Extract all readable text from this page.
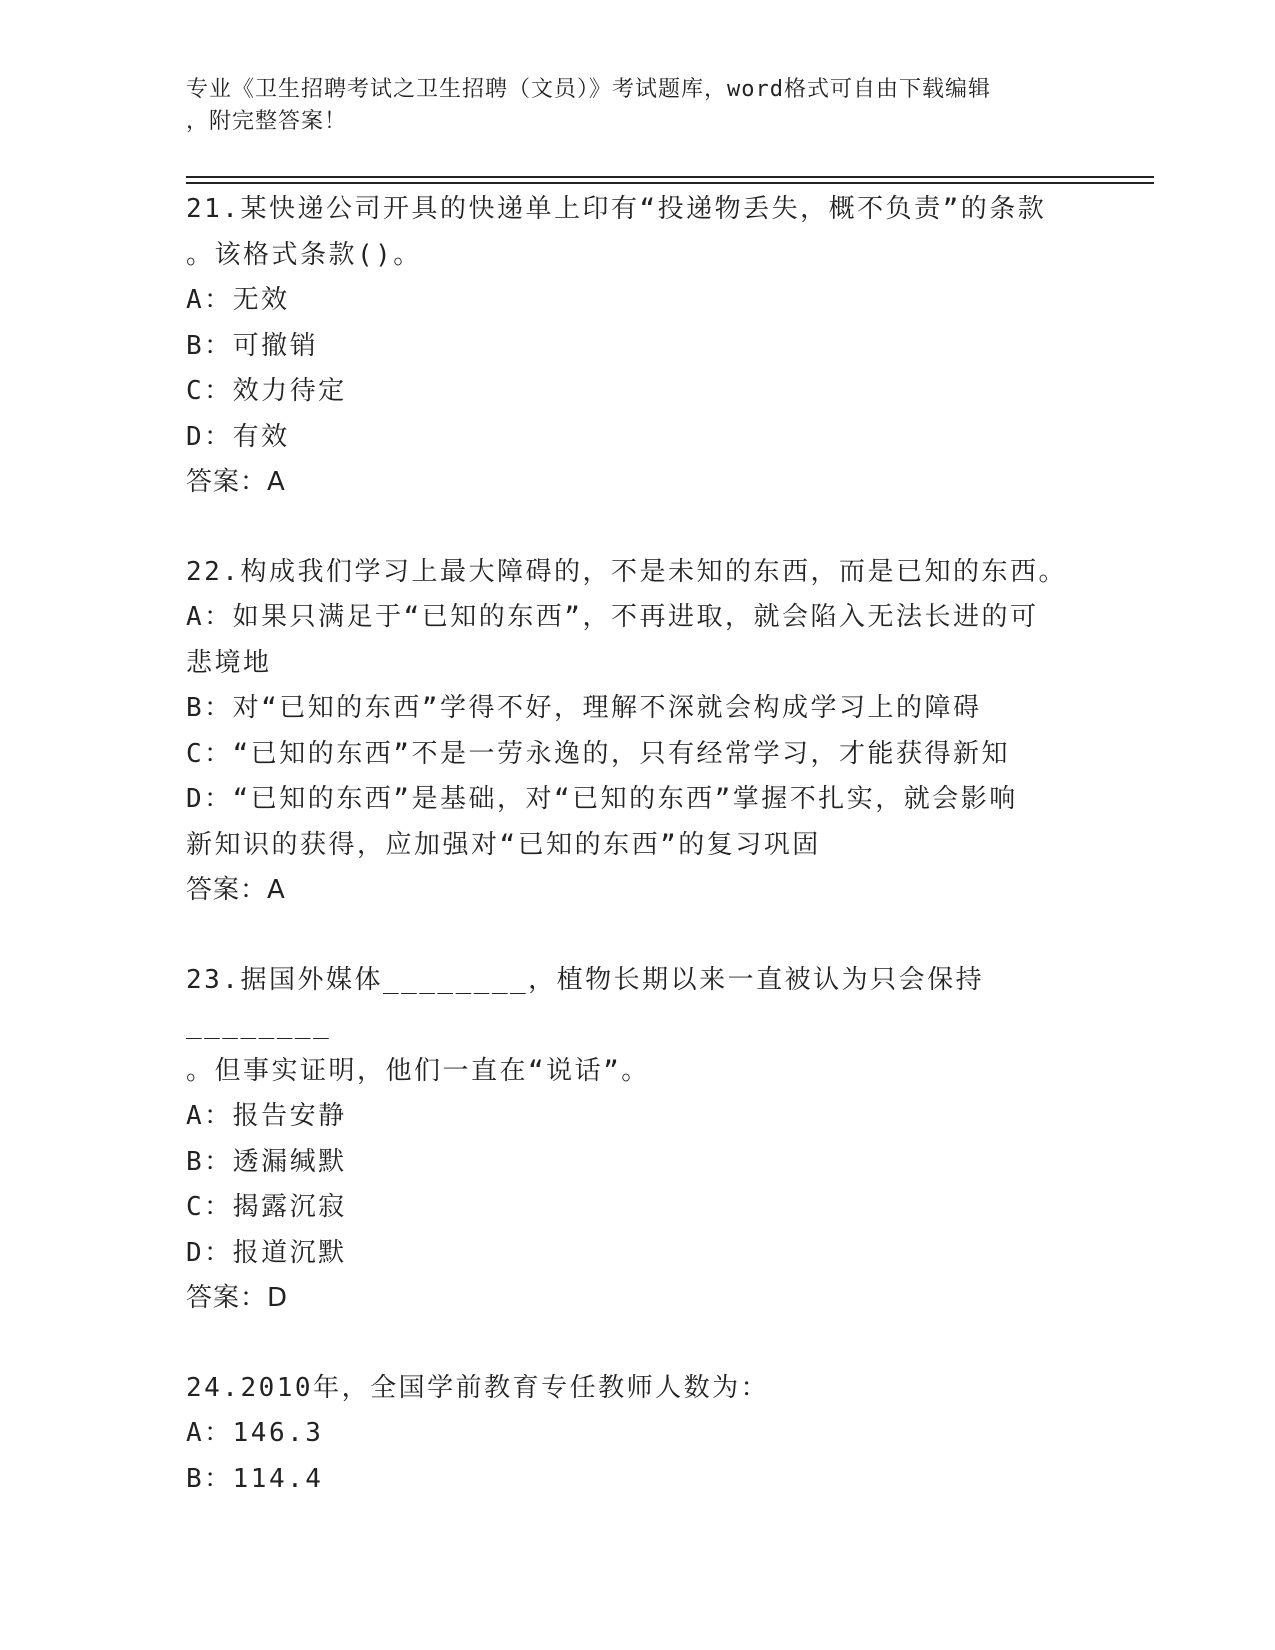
专业《卫生招聘考试之卫生招聘（文员）》考试题库，word格式可自由下载编辑
，附完整答案！

21.某快递公司开具的快递单上印有“投递物丢失，概不负责”的条款

。该格式条款()。

A：无效

B：可撤销

C：效力待定

D：有效

答案：A

22.构成我们学习上最大障碍的，不是未知的东西，而是已知的东西。

A：如果只满足于“已知的东西”，不再进取，就会陷入无法长进的可

悲境地

B：对“已知的东西”学得不好，理解不深就会构成学习上的障碍

C：“已知的东西”不是一劳永逸的，只有经常学习，才能获得新知

D：“已知的东西”是基础，对“已知的东西”掌握不扎实，就会影响

新知识的获得，应加强对“已知的东西”的复习巩固

答案：A

23.据国外媒体________，植物长期以来一直被认为只会保持________

。但事实证明，他们一直在“说话”。

A：报告安静

B：透漏缄默

C：揭露沉寂

D：报道沉默

答案：D

24.2010年，全国学前教育专任教师人数为：

A：146.3

B：114.4
